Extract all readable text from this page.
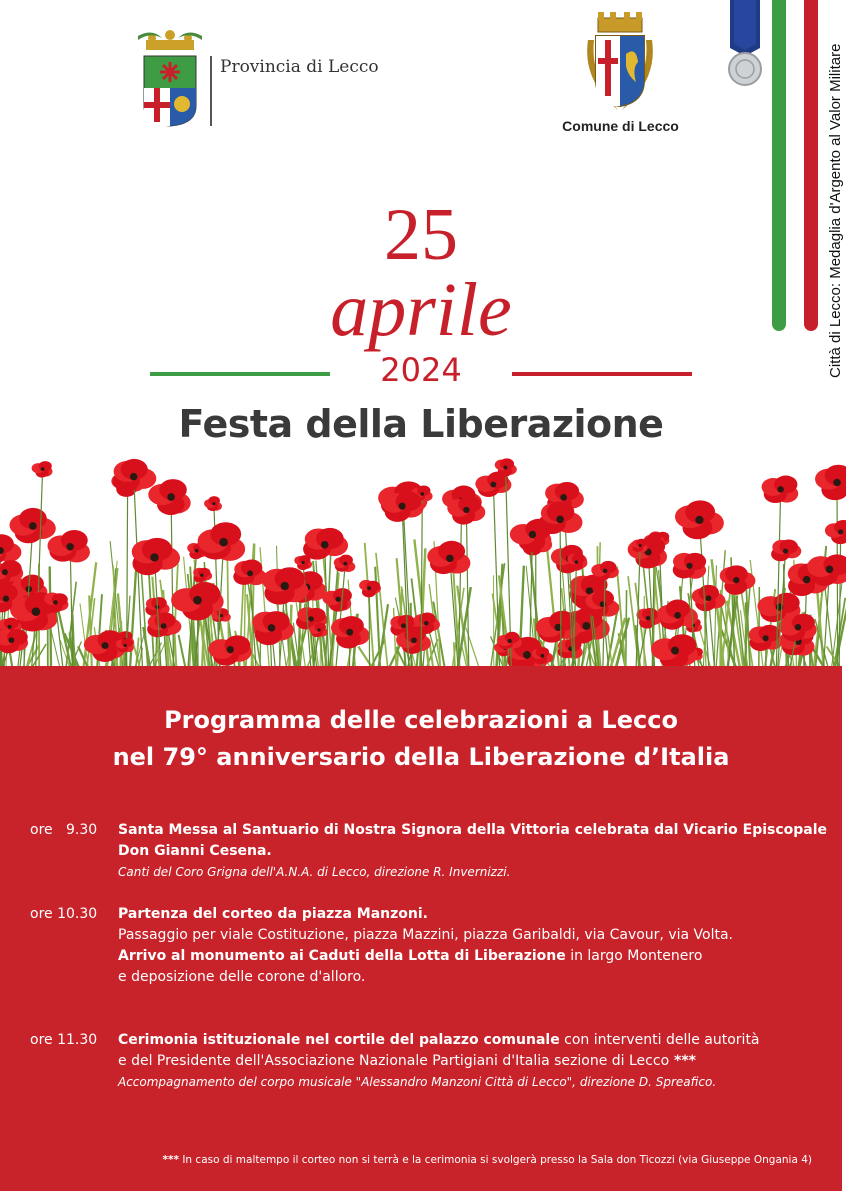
Provincia di Lecco
Comune di Lecco	Città di Lecco: Medaglia d'Argento al Valor Militare
25
aprile
2024
Festa della Liberazione
Programma delle celebrazioni a Lecco
nel 79° anniversario della Liberazione d’Italia
ore   9.30	Santa Messa al Santuario di Nostra Signora della Vittoria celebrata dal Vicario Episcopale
Don Gianni Cesena.
Canti del Coro Grigna dell'A.N.A. di Lecco, direzione R. Invernizzi.
ore 10.30	Partenza del corteo da piazza Manzoni.
Passaggio per viale Costituzione, piazza Mazzini, piazza Garibaldi, via Cavour, via Volta.
Arrivo al monumento ai Caduti della Lotta di Liberazione in largo Montenero
e deposizione delle corone d'alloro.
ore 11.30	Cerimonia istituzionale nel cortile del palazzo comunale con interventi delle autorità
e del Presidente dell'Associazione Nazionale Partigiani d'Italia sezione di Lecco ***
Accompagnamento del corpo musicale "Alessandro Manzoni Città di Lecco", direzione D. Spreafico.
*** In caso di maltempo il corteo non si terrà e la cerimonia si svolgerà presso la Sala don Ticozzi (via Giuseppe Ongania 4)
